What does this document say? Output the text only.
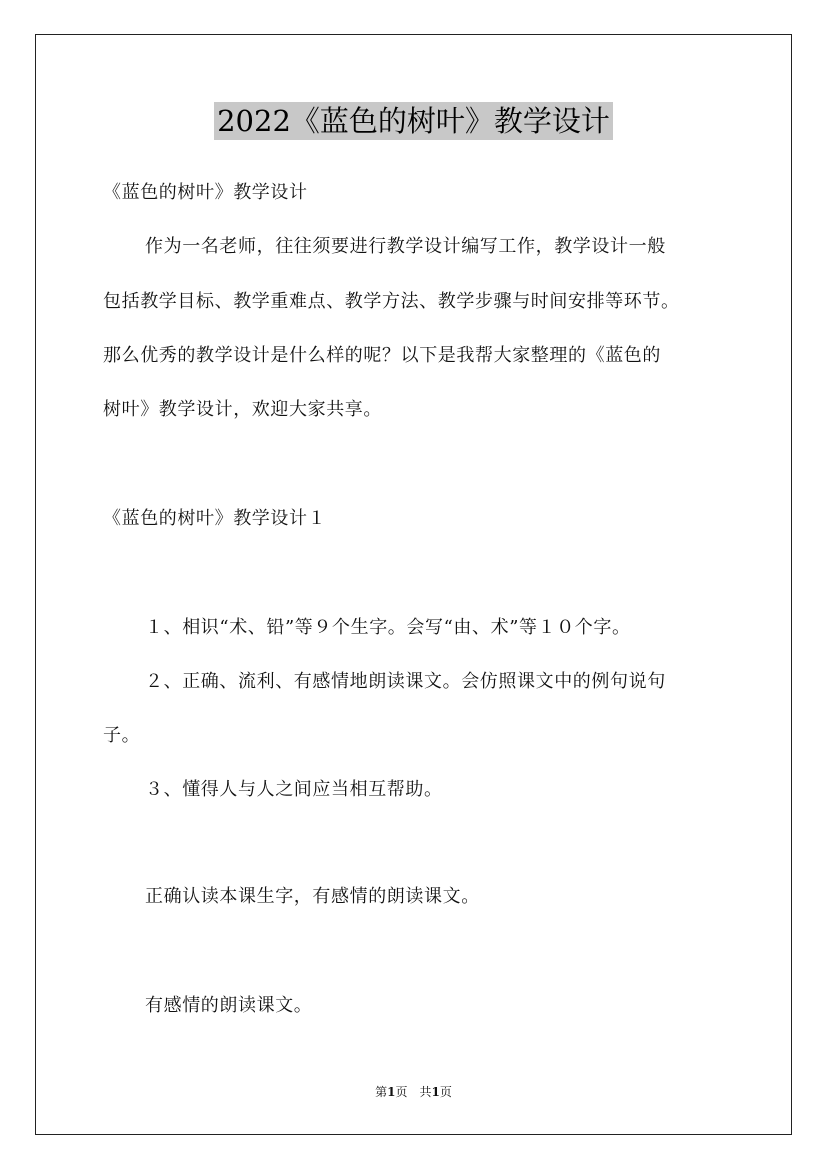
2022《蓝色的树叶》教学设计
《蓝色的树叶》教学设计
作为一名老师，往往须要进行教学设计编写工作，教学设计一般
包括教学目标、教学重难点、教学方法、教学步骤与时间安排等环节。
那么优秀的教学设计是什么样的呢？以下是我帮大家整理的《蓝色的
树叶》教学设计，欢迎大家共享。
《蓝色的树叶》教学设计１
１、相识“术、铅”等９个生字。会写“由、术”等１０个字。
２、正确、流利、有感情地朗读课文。会仿照课文中的例句说句
子。
３、懂得人与人之间应当相互帮助。
正确认读本课生字，有感情的朗读课文。
有感情的朗读课文。
第1页　共1页
